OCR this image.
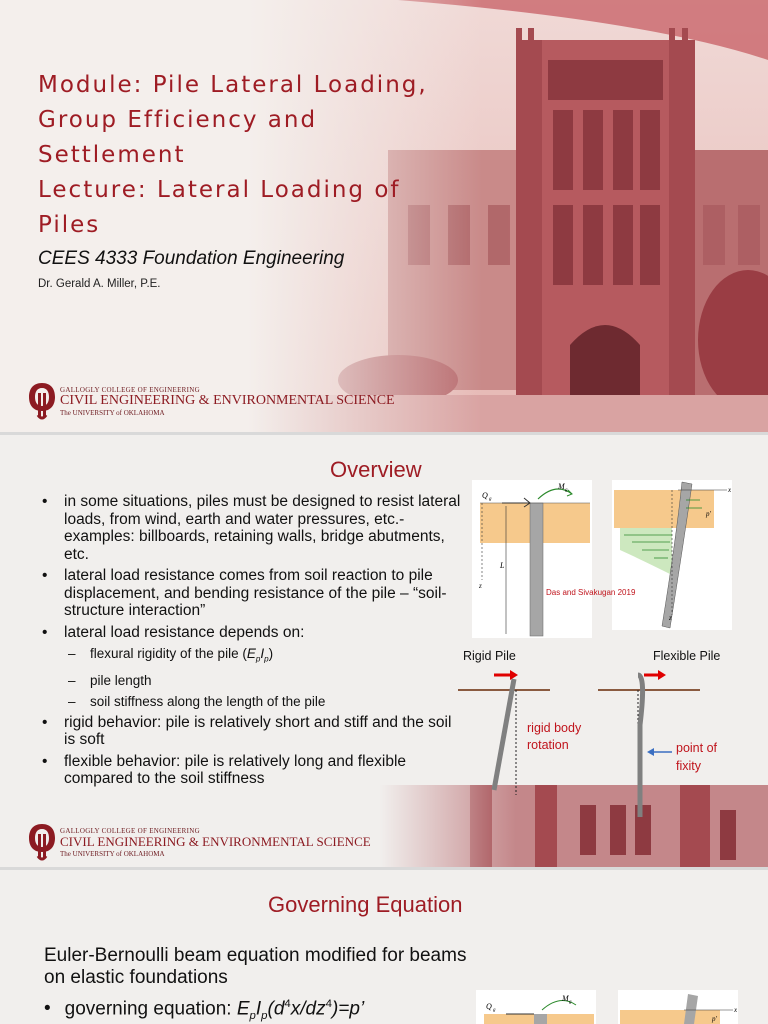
Module: Pile Lateral Loading,
Group Efficiency and
Settlement
Lecture: Lateral Loading of
Piles
CEES 4333 Foundation Engineering
Dr. Gerald A. Miller, P.E.
GALLOGLY COLLEGE OF ENGINEERING
CIVIL ENGINEERING & ENVIRONMENTAL SCIENCE
The UNIVERSITY of OKLAHOMA
Overview
• in some situations, piles must be designed to resist lateral loads, from wind, earth and water pressures, etc.-examples: billboards, retaining walls, bridge abutments, etc.
• lateral load resistance comes from soil reaction to pile displacement, and bending resistance of the pile – “soil-structure interaction”
• lateral load resistance depends on:
– flexural rigidity of the pile $(E_pI_p)$
– pile length
– soil stiffness along the length of the pile
• rigid behavior: pile is relatively short and stiff and the soil is soft
• flexible behavior: pile is relatively long and flexible compared to the soil stiffness
Q g
M g
L
z
x
p'
z
Das and Sivakugan 2019
Rigid Pile	Flexible Pile
rigid body
rotation	point of
fixity
GALLOGLY COLLEGE OF ENGINEERING
CIVIL ENGINEERING & ENVIRONMENTAL SCIENCE
The UNIVERSITY of OKLAHOMA
Governing Equation
Euler-Bernoulli beam equation modified for beams on elastic foundations
• governing equation: $E_pI_p(d^4x/dz^4)=p$’	Q g
M g
x
p'
